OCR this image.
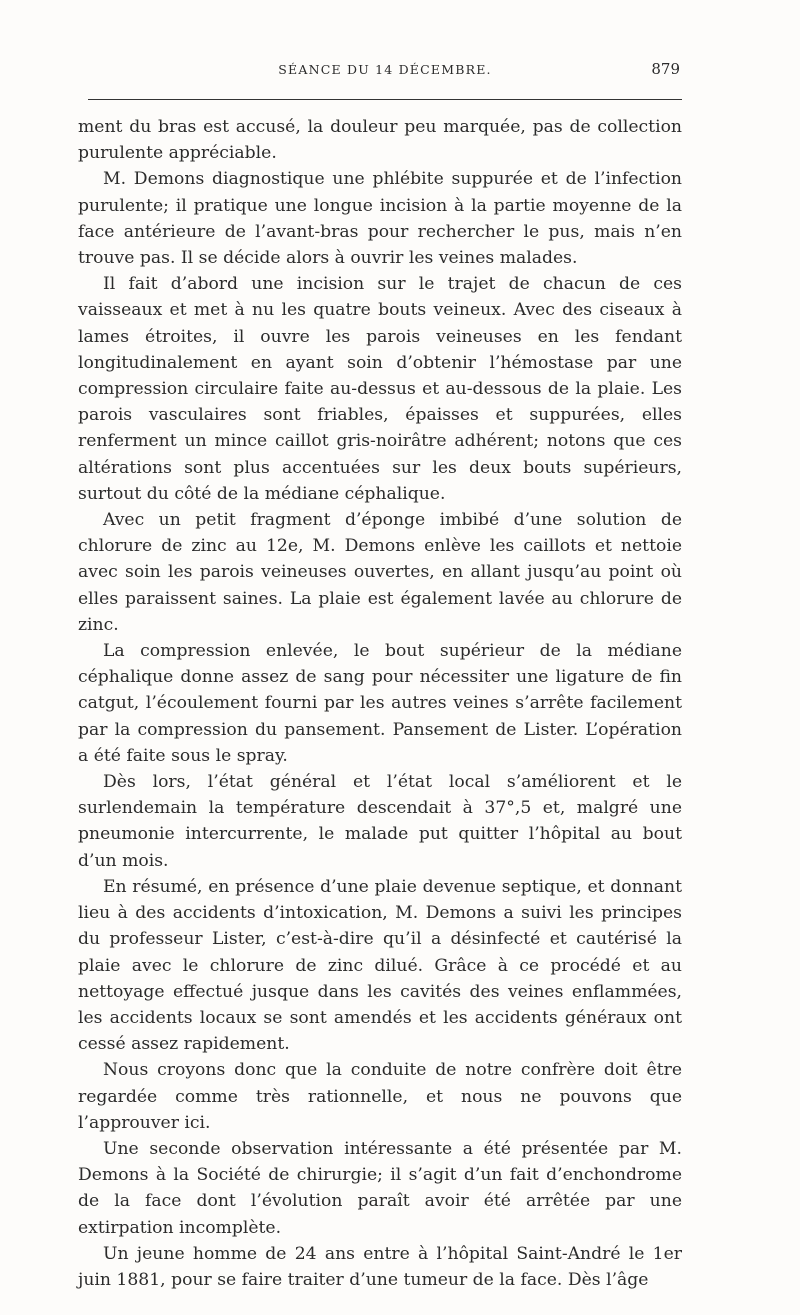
SÉANCE DU 14 DÉCEMBRE.	879

ment du bras est accusé, la douleur peu marquée, pas de collection purulente appréciable.

M. Demons diagnostique une phlébite suppurée et de l’infection purulente; il pratique une longue incision à la partie moyenne de la face antérieure de l’avant-bras pour rechercher le pus, mais n’en trouve pas. Il se décide alors à ouvrir les veines malades.

Il fait d’abord une incision sur le trajet de chacun de ces vaisseaux et met à nu les quatre bouts veineux. Avec des ciseaux à lames étroites, il ouvre les parois veineuses en les fendant longitudinalement en ayant soin d’obtenir l’hémostase par une compression circulaire faite au-dessus et au-dessous de la plaie. Les parois vasculaires sont friables, épaisses et suppurées, elles renferment un mince caillot gris-noirâtre adhérent; notons que ces altérations sont plus accentuées sur les deux bouts supérieurs, surtout du côté de la médiane céphalique.

Avec un petit fragment d’éponge imbibé d’une solution de chlorure de zinc au 12e, M. Demons enlève les caillots et nettoie avec soin les parois veineuses ouvertes, en allant jusqu’au point où elles paraissent saines. La plaie est également lavée au chlorure de zinc.

La compression enlevée, le bout supérieur de la médiane céphalique donne assez de sang pour nécessiter une ligature de fin catgut, l’écoulement fourni par les autres veines s’arrête facilement par la compression du pansement. Pansement de Lister. L’opération a été faite sous le spray.

Dès lors, l’état général et l’état local s’améliorent et le surlendemain la température descendait à 37°,5 et, malgré une pneumonie intercurrente, le malade put quitter l’hôpital au bout d’un mois.

En résumé, en présence d’une plaie devenue septique, et donnant lieu à des accidents d’intoxication, M. Demons a suivi les principes du professeur Lister, c’est-à-dire qu’il a désinfecté et cautérisé la plaie avec le chlorure de zinc dilué. Grâce à ce procédé et au nettoyage effectué jusque dans les cavités des veines enflammées, les accidents locaux se sont amendés et les accidents généraux ont cessé assez rapidement.

Nous croyons donc que la conduite de notre confrère doit être regardée comme très rationnelle, et nous ne pouvons que l’approuver ici.

Une seconde observation intéressante a été présentée par M. Demons à la Société de chirurgie; il s’agit d’un fait d’enchondrome de la face dont l’évolution paraît avoir été arrêtée par une extirpation incomplète.

Un jeune homme de 24 ans entre à l’hôpital Saint-André le 1er juin 1881, pour se faire traiter d’une tumeur de la face. Dès l’âge
